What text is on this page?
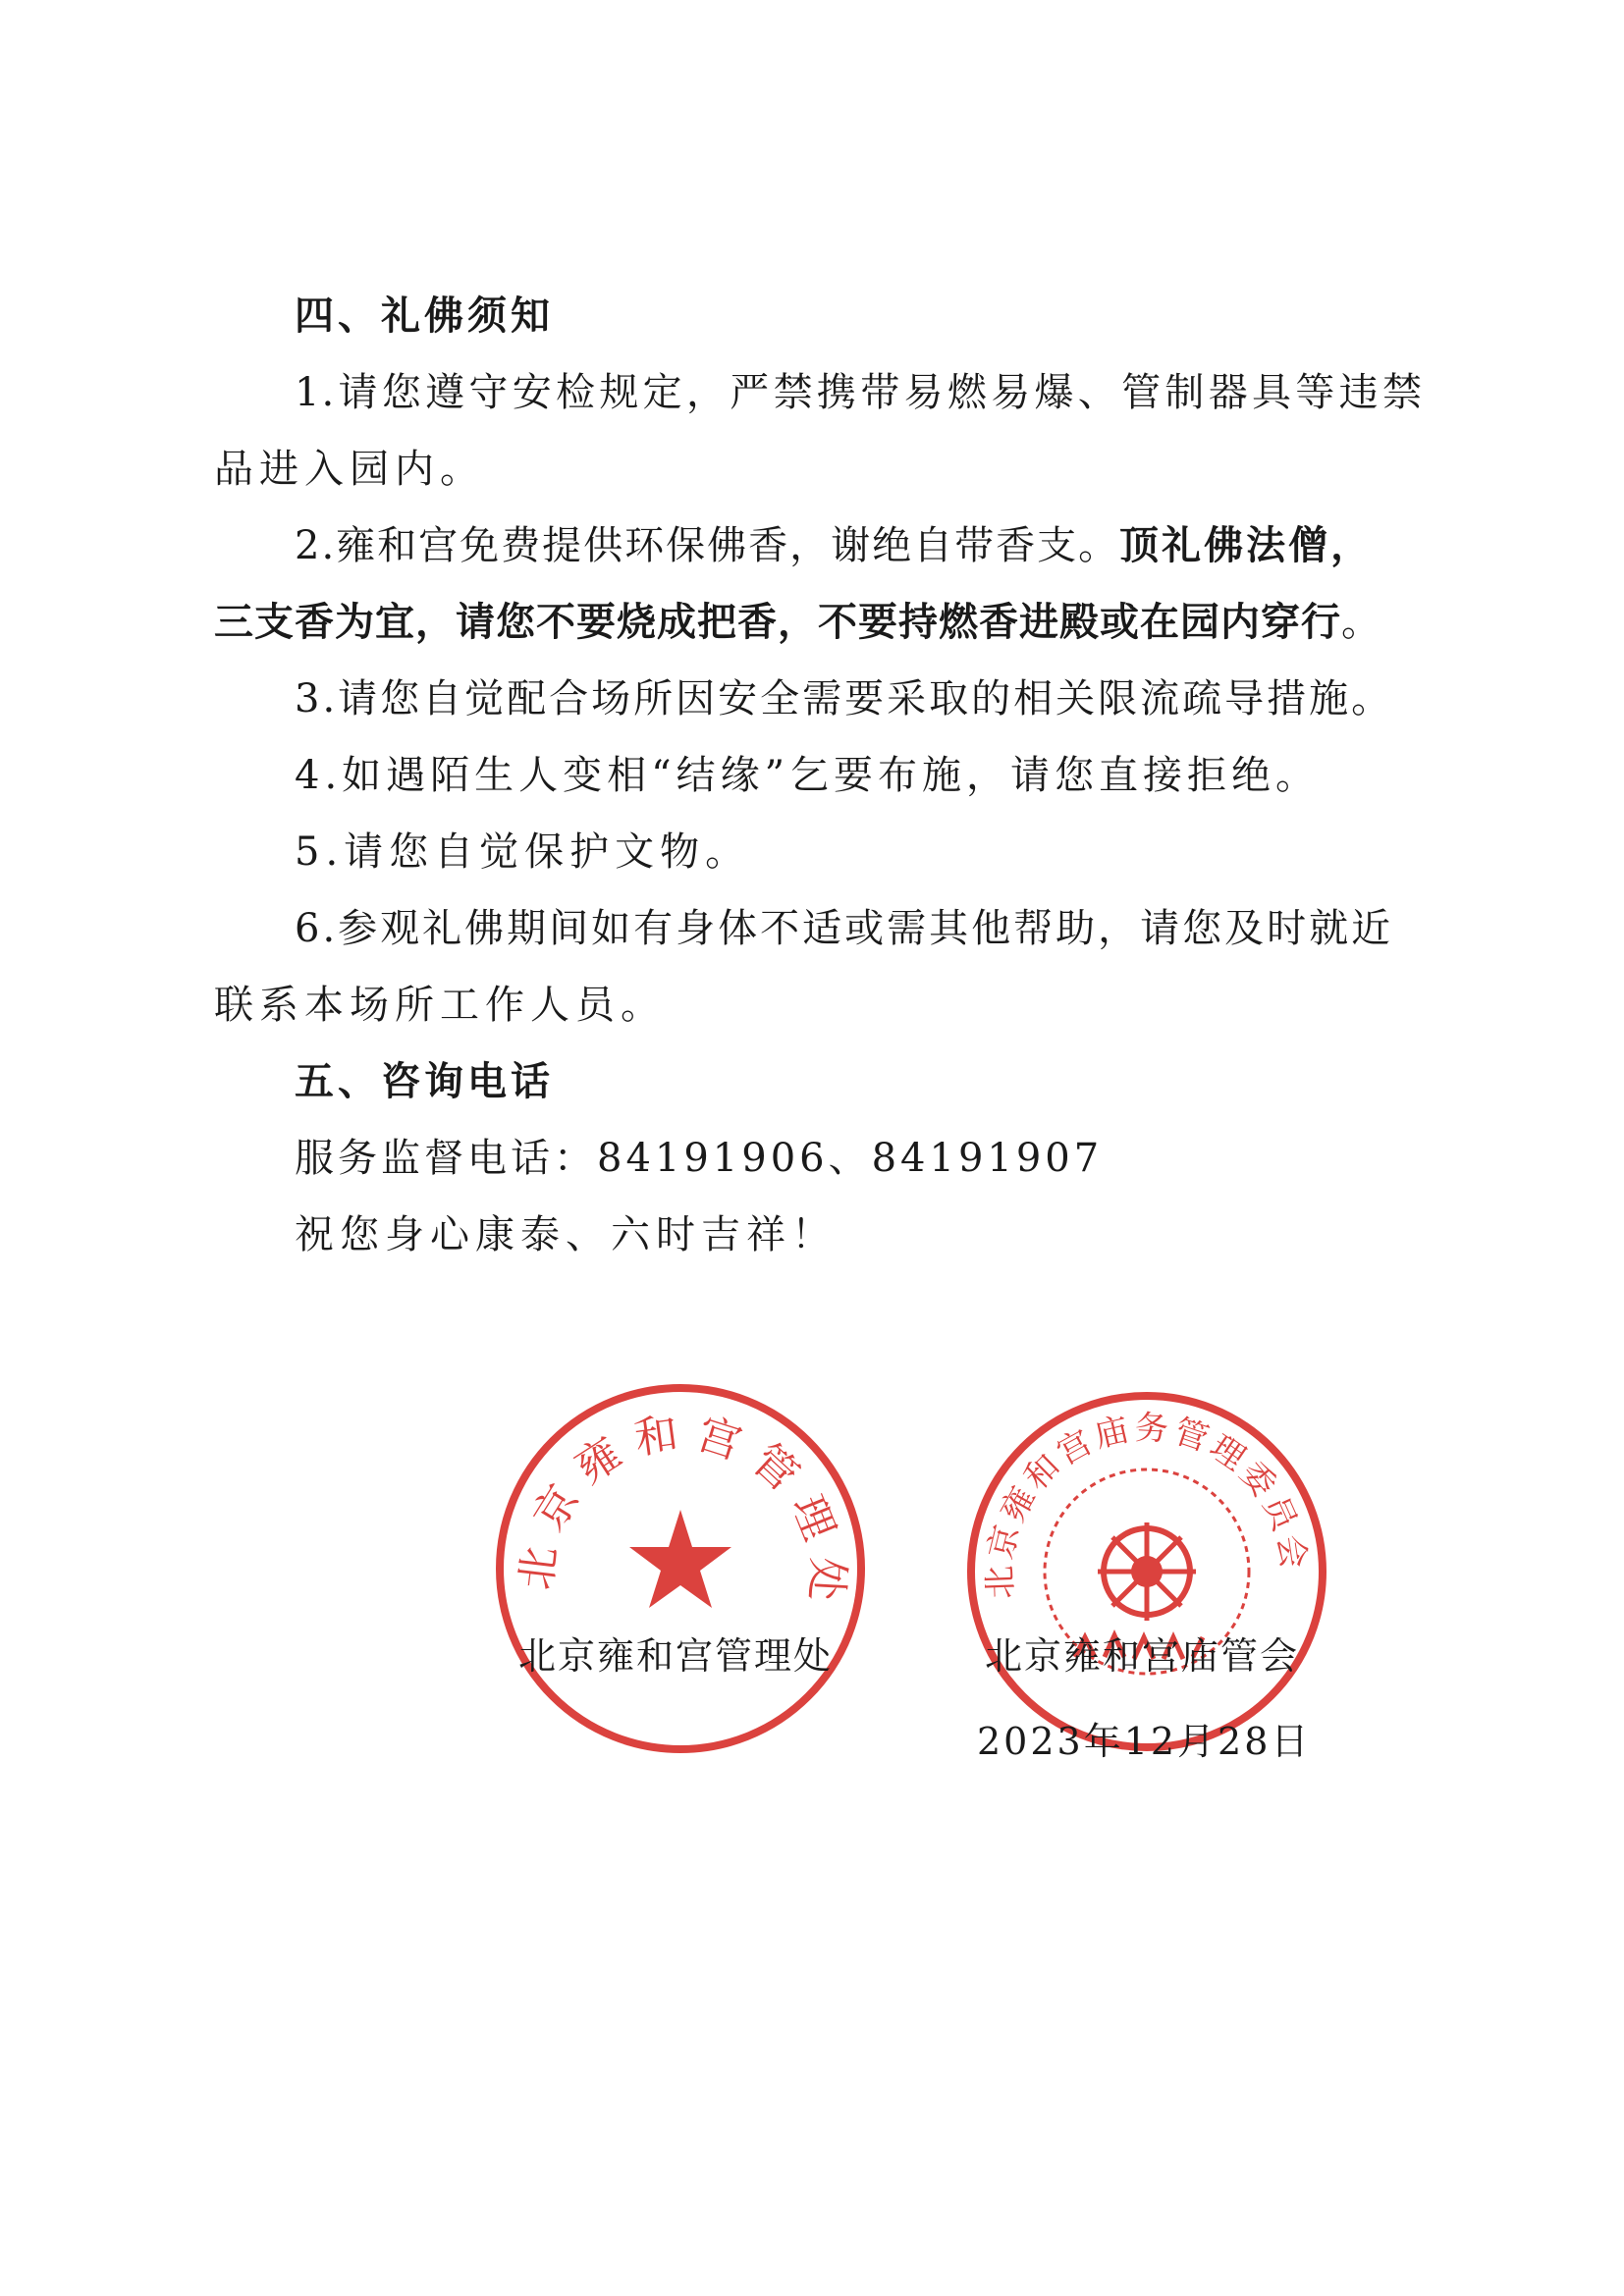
四、礼佛须知
1.请您遵守安检规定，严禁携带易燃易爆、管制器具等违禁
品进入园内。
2.雍和宫免费提供环保佛香，谢绝自带香支。顶礼佛法僧，
三支香为宜，请您不要烧成把香，不要持燃香进殿或在园内穿行。
3.请您自觉配合场所因安全需要采取的相关限流疏导措施。
4.如遇陌生人变相“结缘”乞要布施，请您直接拒绝。
5.请您自觉保护文物。
6.参观礼佛期间如有身体不适或需其他帮助，请您及时就近
联系本场所工作人员。
五、咨询电话
服务监督电话：84191906、84191907
祝您身心康泰、六时吉祥！
北京雍和宫管理处	北京雍和宫庙务管理委员会
北京雍和宫管理处	北京雍和宫庙管会
2023年12月28日
